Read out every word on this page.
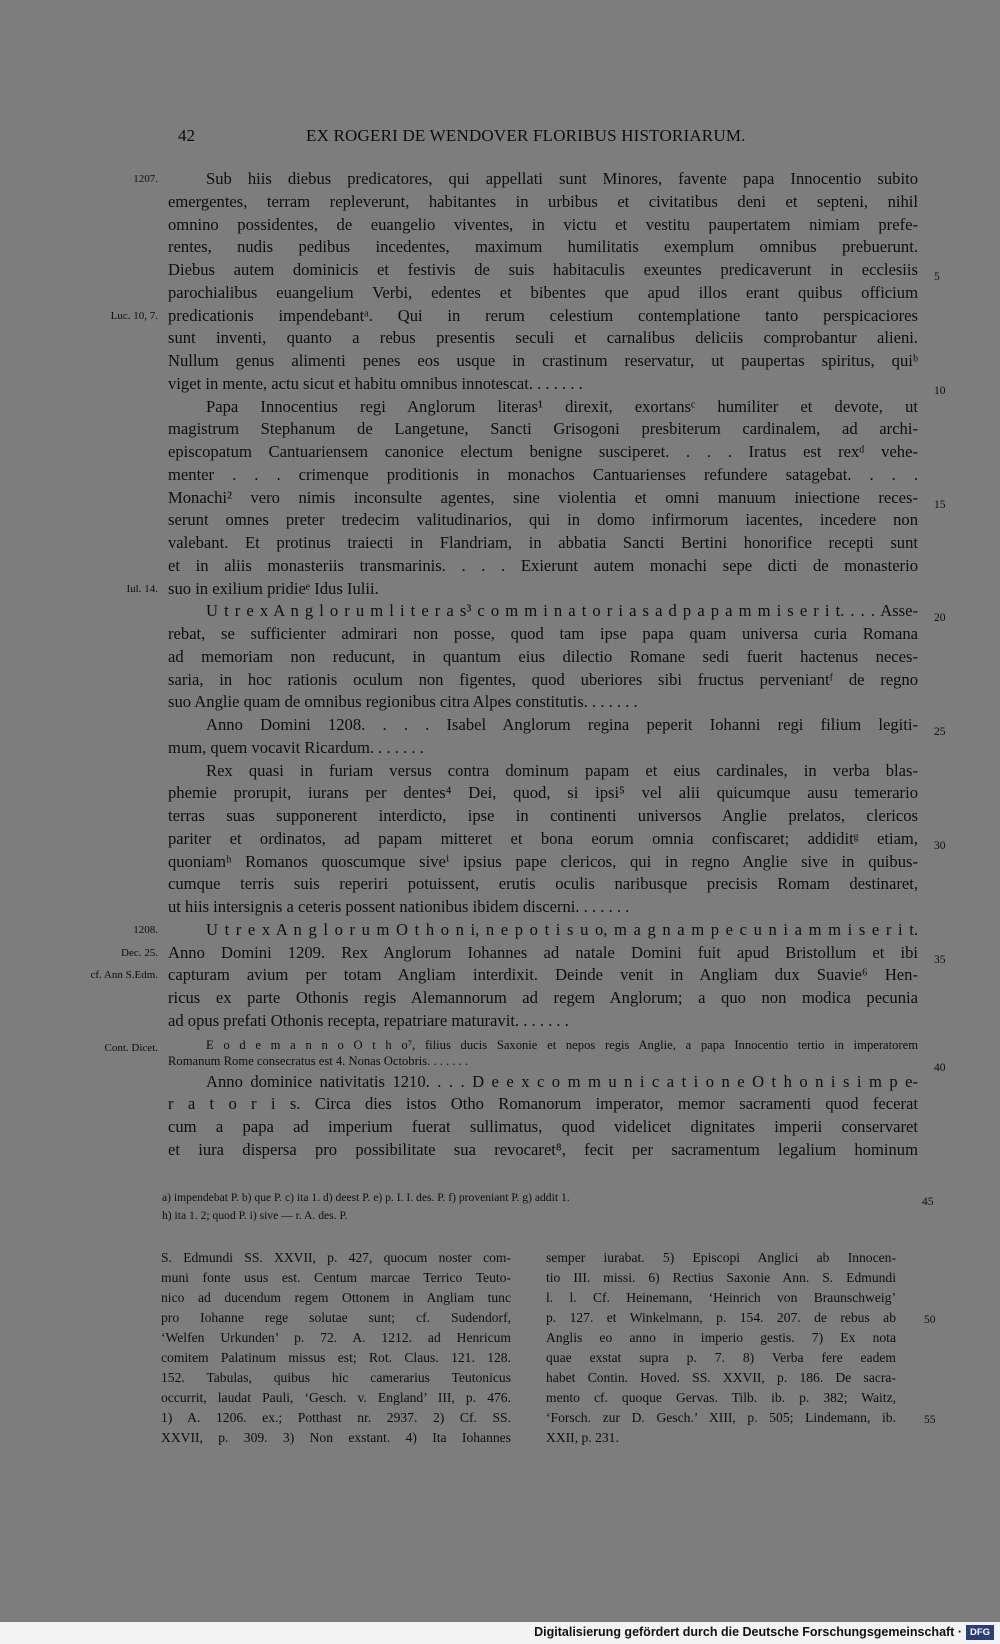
42	EX ROGERI DE WENDOVER FLORIBUS HISTORIARUM.
Sub hiis diebus predicatores, qui appellati sunt Minores, favente papa Innocentio subito
1207.
emergentes, terram repleverunt, habitantes in urbibus et civitatibus deni et septeni, nihil
omnino possidentes, de euangelio viventes, in victu et vestitu paupertatem nimiam prefe-
rentes, nudis pedibus incedentes, maximum humilitatis exemplum omnibus prebuerunt.
Diebus autem dominicis et festivis de suis habitaculis exeuntes predicaverunt in ecclesiis 5
parochialibus euangelium Verbi, edentes et bibentes que apud illos erant quibus officium
predicationis impendebantᵃ. Qui in rerum celestium contemplatione tanto perspicaciores
Luc. 10, 7.
sunt inventi, quanto a rebus presentis seculi et carnalibus deliciis comprobantur alieni.
Nullum genus alimenti penes eos usque in crastinum reservatur, ut paupertas spiritus, quiᵇ
viget in mente, actu sicut et habitu omnibus innotescat. . . . . . .	10
Papa Innocentius regi Anglorum literas¹ direxit, exortansᶜ humiliter et devote, ut
magistrum Stephanum de Langetune, Sancti Grisogoni presbiterum cardinalem, ad archi-
episcopatum Cantuariensem canonice electum benigne susciperet. . . . Iratus est rexᵈ vehe-
menter . . . crimenque proditionis in monachos Cantuarienses refundere satagebat. . . .
Monachi² vero nimis inconsulte agentes, sine violentia et omni manuum iniectione reces- 15
serunt omnes preter tredecim valitudinarios, qui in domo infirmorum iacentes, incedere non
valebant. Et protinus traiecti in Flandriam, in abbatia Sancti Bertini honorifice recepti sunt
et in aliis monasteriis transmarinis. . . . Exierunt autem monachi sepe dicti de monasterio
suo in exilium pridieᵉ Idus Iulii.
Iul. 14.
U t r e x A n g l o r u m l i t e r a s³ c o m m i n a t o r i a s a d p a p a m m i s e r i t. . . . Asse- 20
rebat, se sufficienter admirari non posse, quod tam ipse papa quam universa curia Romana
ad memoriam non reducunt, in quantum eius dilectio Romane sedi fuerit hactenus neces-
saria, in hoc rationis oculum non figentes, quod uberiores sibi fructus perveniantᶠ de regno
suo Anglie quam de omnibus regionibus citra Alpes constitutis. . . . . . .
Anno Domini 1208. . . . Isabel Anglorum regina peperit Iohanni regi filium legiti- 25
mum, quem vocavit Ricardum. . . . . . .
Rex quasi in furiam versus contra dominum papam et eius cardinales, in verba blas-
phemie prorupit, iurans per dentes⁴ Dei, quod, si ipsi⁵ vel alii quicumque ausu temerario
terras suas supponerent interdicto, ipse in continenti universos Anglie prelatos, clericos
pariter et ordinatos, ad papam mitteret et bona eorum omnia confiscaret; addiditᵍ etiam, 30
quoniamʰ Romanos quoscumque siveⁱ ipsius pape clericos, qui in regno Anglie sive in quibus-
cumque terris suis reperiri potuissent, erutis oculis naribusque precisis Romam destinaret,
ut hiis intersignis a ceteris possent nationibus ibidem discerni. . . . . . .
U t r e x A n g l o r u m O t h o n i, n e p o t i s u o, m a g n a m p e c u n i a m m i s e r i t.
1208.
Anno Domini 1209. Rex Anglorum Iohannes ad natale Domini fuit apud Bristollum et ibi
Dec. 25.
35
capturam avium per totam Angliam interdixit. Deinde venit in Angliam dux Suavie⁶ Hen-
cf. Ann S.Edm.
ricus ex parte Othonis regis Alemannorum ad regem Anglorum; a quo non modica pecunia
ad opus prefati Othonis recepta, repatriare maturavit. . . . . . .
E o d e m a n n o O t h o⁷, filius ducis Saxonie et nepos regis Anglie, a papa Innocentio tertio in imperatorem
Cont. Dicet.
Romanum Rome consecratus est 4. Nonas Octobris. . . . . . .	40
Anno dominice nativitatis 1210. . . . D e e x c o m m u n i c a t i o n e O t h o n i s i m p e-
r a t o r i s. Circa dies istos Otho Romanorum imperator, memor sacramenti quod fecerat
cum a papa ad imperium fuerat sullimatus, quod videlicet dignitates imperii conservaret
et iura dispersa pro possibilitate sua revocaret⁸, fecit per sacramentum legalium hominum
a) impendebat P. b) que P. c) ita 1. d) deest P. e) p. I. I. des. P. f) proveniant P. g) addit 1.	45
h) ita 1. 2; quod P. i) sive — r. A. des. P.
S. Edmundi SS. XXVII, p. 427, quocum noster com-
muni fonte usus est. Centum marcae Terrico Teuto-
nico ad ducendum regem Ottonem in Angliam tunc
pro Iohanne rege solutae sunt; cf. Sudendorf,
‘Welfen Urkunden’ p. 72. A. 1212. ad Henricum
comitem Palatinum missus est; Rot. Claus. 121. 128.
152. Tabulas, quibus hic camerarius Teutonicus
occurrit, laudat Pauli, ‘Gesch. v. England’ III, p. 476.
1) A. 1206. ex.; Potthast nr. 2937. 2) Cf. SS.
XXVII, p. 309. 3) Non exstant. 4) Ita Iohannes
semper iurabat. 5) Episcopi Anglici ab Innocen-
tio III. missi. 6) Rectius Saxonie Ann. S. Edmundi
l. l. Cf. Heinemann, ‘Heinrich von Braunschweig’
p. 127. et Winkelmann, p. 154. 207. de rebus ab 50
Anglis eo anno in imperio gestis. 7) Ex nota
quae exstat supra p. 7. 8) Verba fere eadem
habet Contin. Hoved. SS. XXVII, p. 186. De sacra-
mento cf. quoque Gervas. Tilb. ib. p. 382; Waitz,
‘Forsch. zur D. Gesch.’ XIII, p. 505; Lindemann, ib. 55
XXII, p. 231.
Digitalisierung gefördert durch die Deutsche Forschungsgemeinschaft · DFG
